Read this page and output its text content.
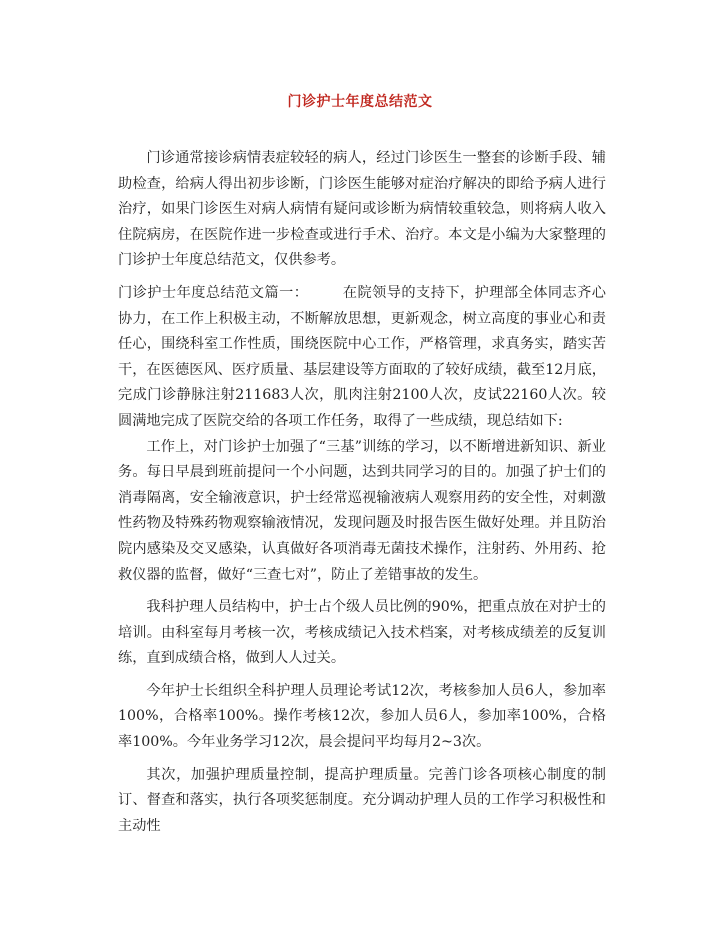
门诊护士年度总结范文

门诊通常接诊病情表症较轻的病人，经过门诊医生一整套的诊断手段、辅助检查，给病人得出初步诊断，门诊医生能够对症治疗解决的即给予病人进行治疗，如果门诊医生对病人病情有疑问或诊断为病情较重较急，则将病人收入住院病房，在医院作进一步检查或进行手术、治疗。本文是小编为大家整理的门诊护士年度总结范文，仅供参考。

门诊护士年度总结范文篇一： 在院领导的支持下，护理部全体同志齐心协力，在工作上积极主动，不断解放思想，更新观念，树立高度的事业心和责任心，围绕科室工作性质，围绕医院中心工作，严格管理，求真务实，踏实苦干，在医德医风、医疗质量、基层建设等方面取的了较好成绩，截至12月底，完成门诊静脉注射211683人次，肌肉注射2100人次，皮试22160人次。较圆满地完成了医院交给的各项工作任务，取得了一些成绩，现总结如下:

工作上，对门诊护士加强了“三基”训练的学习，以不断增进新知识、新业务。每日早晨到班前提问一个小问题，达到共同学习的目的。加强了护士们的消毒隔离，安全输液意识，护士经常巡视输液病人观察用药的安全性，对刺激性药物及特殊药物观察输液情况，发现问题及时报告医生做好处理。并且防治院内感染及交叉感染，认真做好各项消毒无菌技术操作，注射药、外用药、抢救仪器的监督，做好“三查七对”，防止了差错事故的发生。

我科护理人员结构中，护士占个级人员比例的90%，把重点放在对护士的培训。由科室每月考核一次，考核成绩记入技术档案，对考核成绩差的反复训练，直到成绩合格，做到人人过关。

今年护士长组织全科护理人员理论考试12次，考核参加人员6人，参加率100%，合格率100%。操作考核12次，参加人员6人，参加率100%，合格率100%。今年业务学习12次，晨会提问平均每月2~3次。

其次，加强护理质量控制，提高护理质量。完善门诊各项核心制度的制订、督查和落实，执行各项奖惩制度。充分调动护理人员的工作学习积极性和主动性
